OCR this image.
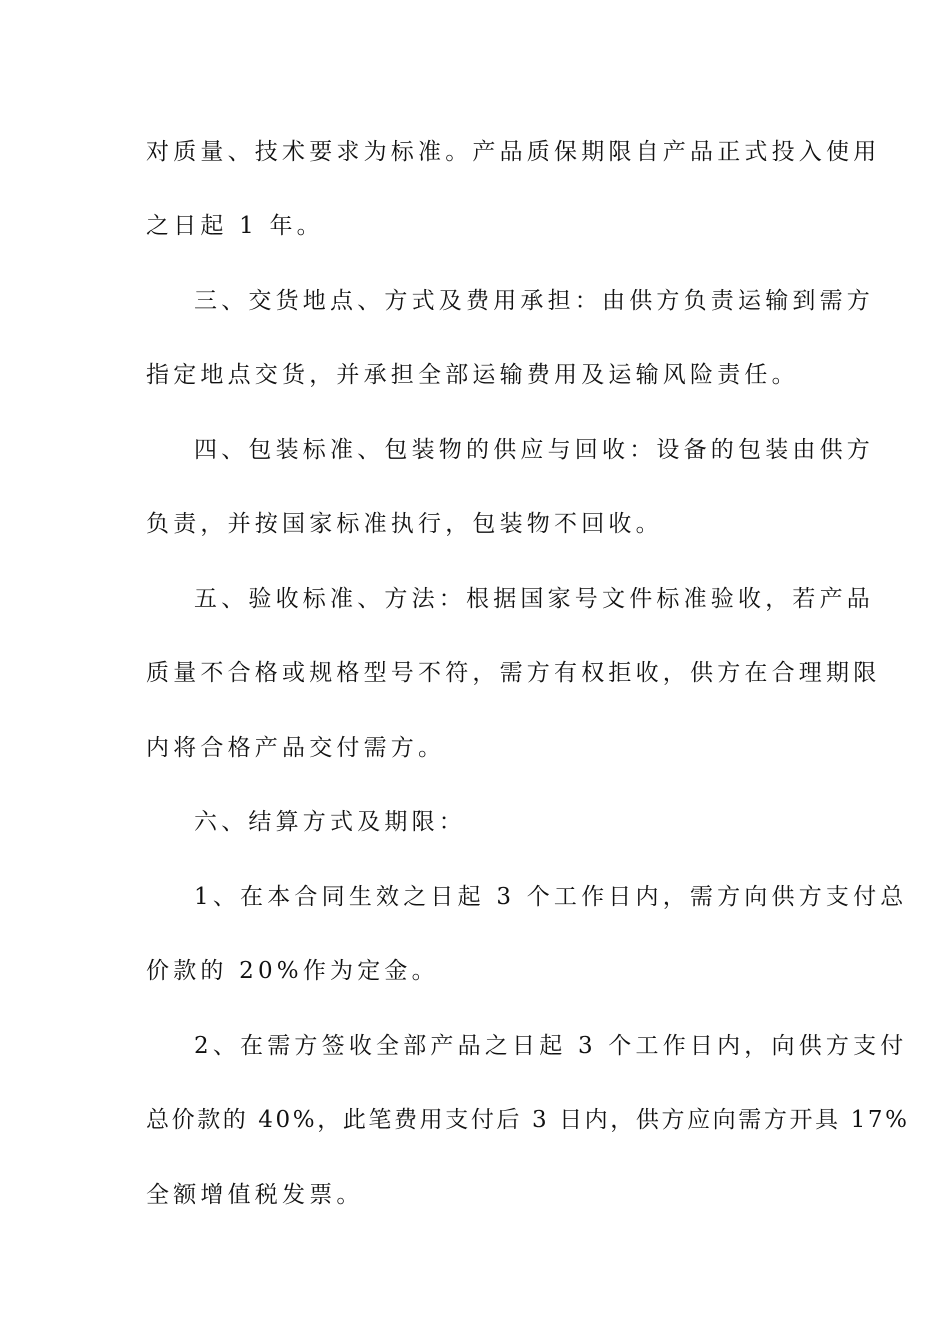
对质量、技术要求为标准。产品质保期限自产品正式投入使用
之日起 1 年。
三、交货地点、方式及费用承担：由供方负责运输到需方
指定地点交货，并承担全部运输费用及运输风险责任。
四、包装标准、包装物的供应与回收：设备的包装由供方
负责，并按国家标准执行，包装物不回收。
五、验收标准、方法：根据国家号文件标准验收，若产品
质量不合格或规格型号不符，需方有权拒收，供方在合理期限
内将合格产品交付需方。
六、结算方式及期限：
1、在本合同生效之日起 3 个工作日内，需方向供方支付总
价款的 20%作为定金。
2、在需方签收全部产品之日起 3 个工作日内，向供方支付
总价款的 40%，此笔费用支付后 3 日内，供方应向需方开具 17%
全额增值税发票。
